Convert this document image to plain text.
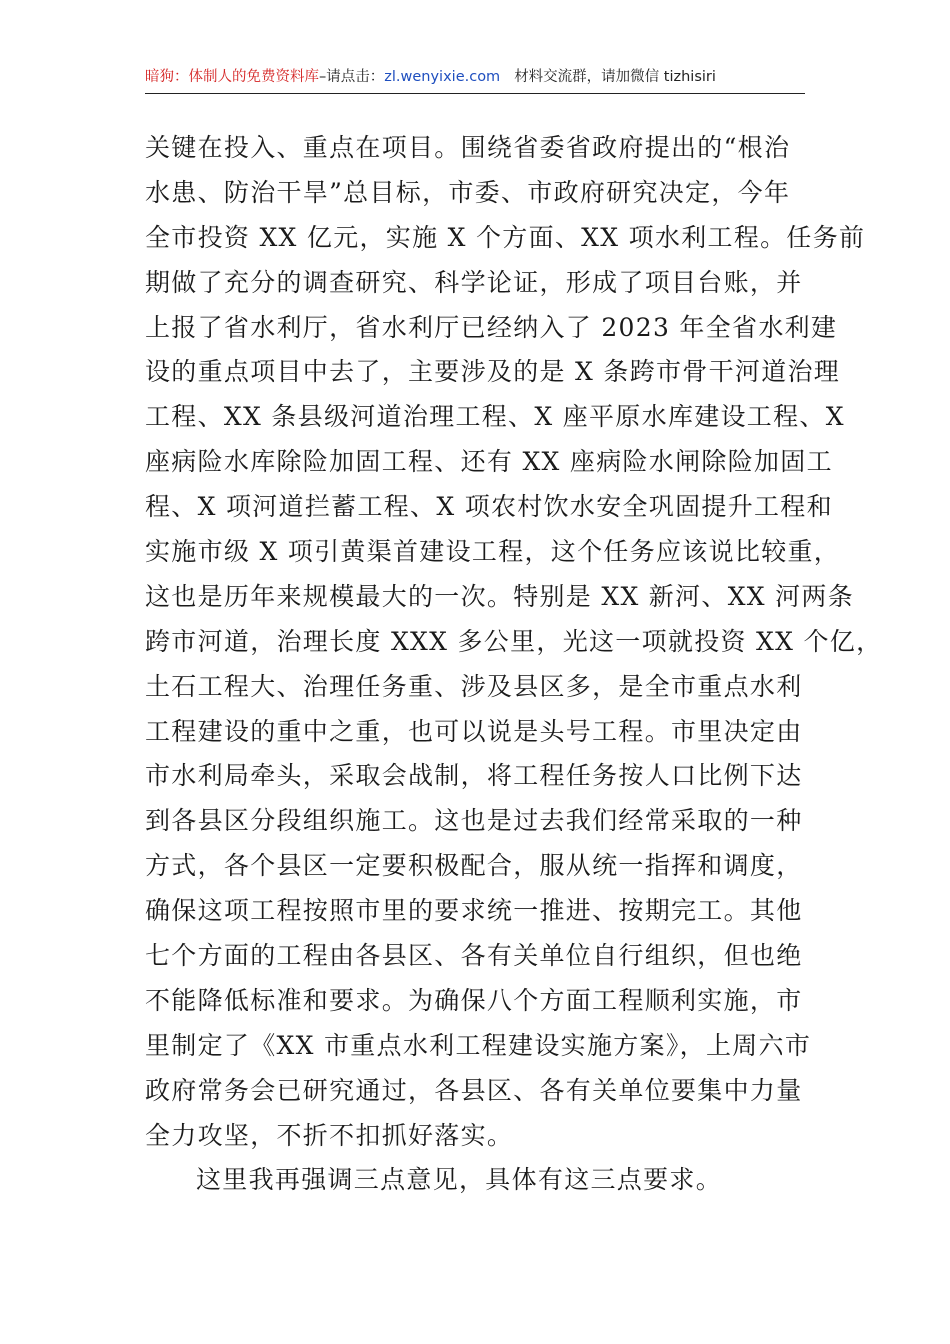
暗狗：体制人的免费资料库–请点击：zl.wenyixie.com 材料交流群，请加微信 tizhisiri
关键在投入、重点在项目。围绕省委省政府提出的“根治
水患、防治干旱”总目标，市委、市政府研究决定，今年
全市投资 XX 亿元，实施 X 个方面、XX 项水利工程。任务前
期做了充分的调查研究、科学论证，形成了项目台账，并
上报了省水利厅，省水利厅已经纳入了 2023 年全省水利建
设的重点项目中去了，主要涉及的是 X 条跨市骨干河道治理
工程、XX 条县级河道治理工程、X 座平原水库建设工程、X
座病险水库除险加固工程、还有 XX 座病险水闸除险加固工
程、X 项河道拦蓄工程、X 项农村饮水安全巩固提升工程和
实施市级 X 项引黄渠首建设工程，这个任务应该说比较重，
这也是历年来规模最大的一次。特别是 XX 新河、XX 河两条
跨市河道，治理长度 XXX 多公里，光这一项就投资 XX 个亿，
土石工程大、治理任务重、涉及县区多，是全市重点水利
工程建设的重中之重，也可以说是头号工程。市里决定由
市水利局牵头，采取会战制，将工程任务按人口比例下达
到各县区分段组织施工。这也是过去我们经常采取的一种
方式，各个县区一定要积极配合，服从统一指挥和调度，
确保这项工程按照市里的要求统一推进、按期完工。其他
七个方面的工程由各县区、各有关单位自行组织，但也绝
不能降低标准和要求。为确保八个方面工程顺利实施，市
里制定了《XX 市重点水利工程建设实施方案》，上周六市
政府常务会已研究通过，各县区、各有关单位要集中力量
全力攻坚，不折不扣抓好落实。
这里我再强调三点意见，具体有这三点要求。
